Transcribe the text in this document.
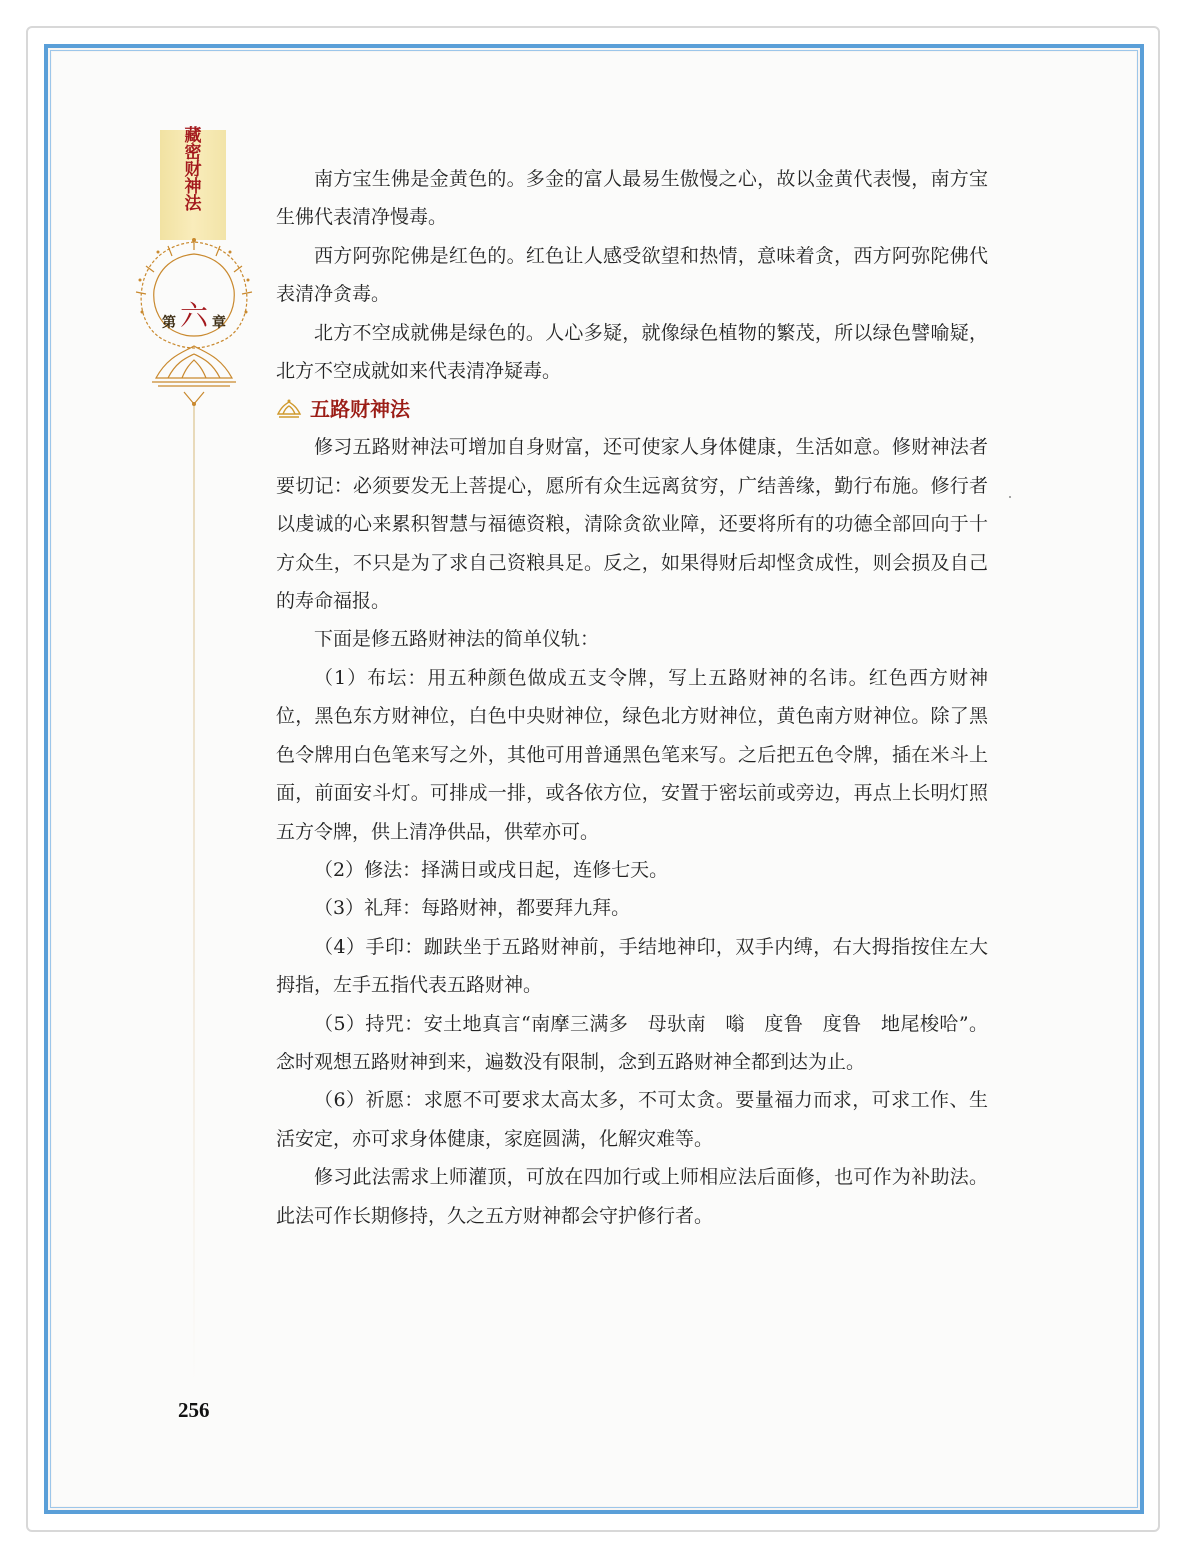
藏密财神法
第 六 章

南方宝生佛是金黄色的。多金的富人最易生傲慢之心，故以金黄代表慢，南方宝生佛代表清净慢毒。

西方阿弥陀佛是红色的。红色让人感受欲望和热情，意味着贪，西方阿弥陀佛代表清净贪毒。

北方不空成就佛是绿色的。人心多疑，就像绿色植物的繁茂，所以绿色譬喻疑，北方不空成就如来代表清净疑毒。

五路财神法

修习五路财神法可增加自身财富，还可使家人身体健康，生活如意。修财神法者要切记：必须要发无上菩提心，愿所有众生远离贫穷，广结善缘，勤行布施。修行者以虔诚的心来累积智慧与福德资粮，清除贪欲业障，还要将所有的功德全部回向于十方众生，不只是为了求自己资粮具足。反之，如果得财后却悭贪成性，则会损及自己的寿命福报。

下面是修五路财神法的简单仪轨：

（1）布坛：用五种颜色做成五支令牌，写上五路财神的名讳。红色西方财神位，黑色东方财神位，白色中央财神位，绿色北方财神位，黄色南方财神位。除了黑色令牌用白色笔来写之外，其他可用普通黑色笔来写。之后把五色令牌，插在米斗上面，前面安斗灯。可排成一排，或各依方位，安置于密坛前或旁边，再点上长明灯照五方令牌，供上清净供品，供荤亦可。

（2）修法：择满日或戌日起，连修七天。

（3）礼拜：每路财神，都要拜九拜。

（4）手印：跏趺坐于五路财神前，手结地神印，双手内缚，右大拇指按住左大拇指，左手五指代表五路财神。

（5）持咒：安土地真言“南摩三满多　母驮南　嗡　度鲁　度鲁　地尾梭哈”。念时观想五路财神到来，遍数没有限制，念到五路财神全都到达为止。

（6）祈愿：求愿不可要求太高太多，不可太贪。要量福力而求，可求工作、生活安定，亦可求身体健康，家庭圆满，化解灾难等。

修习此法需求上师灌顶，可放在四加行或上师相应法后面修，也可作为补助法。此法可作长期修持，久之五方财神都会守护修行者。

256
